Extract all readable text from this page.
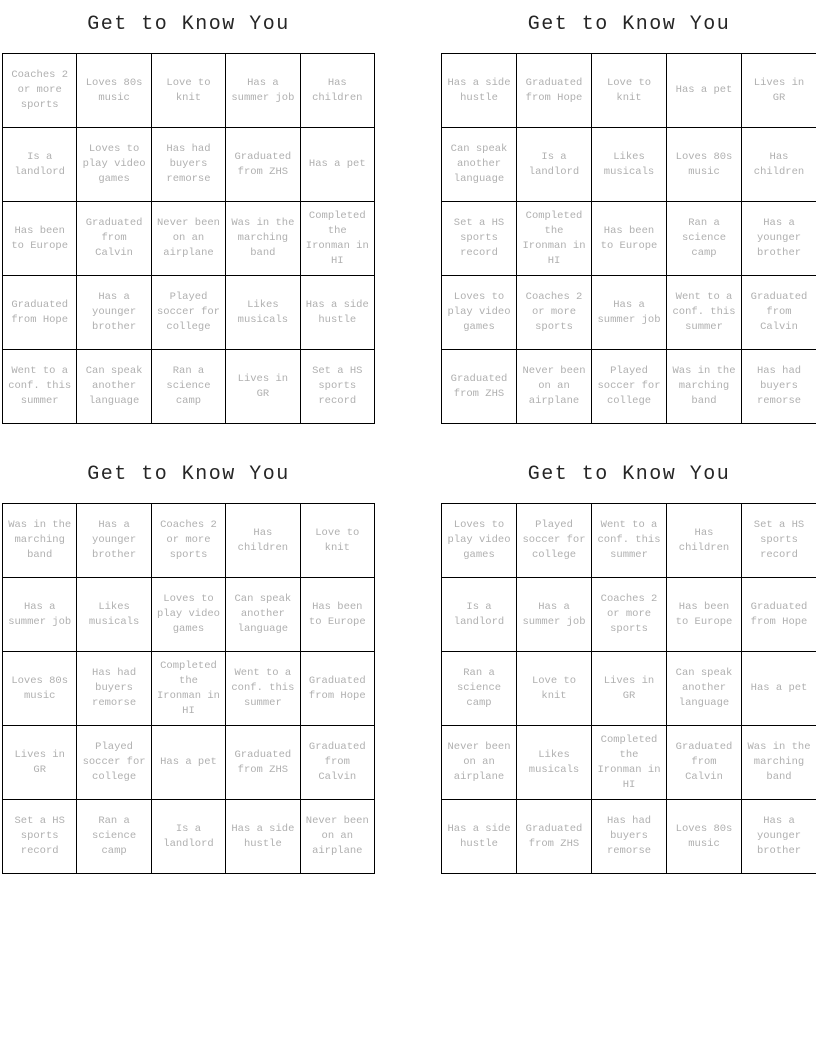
Get to Know You
Coaches 2 or more sports	Loves 80s music	Love to knit	Has a summer job	Has children
Is a landlord	Loves to play video games	Has had buyers remorse	Graduated from ZHS	Has a pet
Has been to Europe	Graduated from Calvin	Never been on an airplane	Was in the marching band	Completed the Ironman in HI
Graduated from Hope	Has a younger brother	Played soccer for college	Likes musicals	Has a side hustle
Went to a conf. this summer	Can speak another language	Ran a science camp	Lives in GR	Set a HS sports record
Get to Know You
Has a side hustle	Graduated from Hope	Love to knit	Has a pet	Lives in GR
Can speak another language	Is a landlord	Likes musicals	Loves 80s music	Has children
Set a HS sports record	Completed the Ironman in HI	Has been to Europe	Ran a science camp	Has a younger brother
Loves to play video games	Coaches 2 or more sports	Has a summer job	Went to a conf. this summer	Graduated from Calvin
Graduated from ZHS	Never been on an airplane	Played soccer for college	Was in the marching band	Has had buyers remorse
Get to Know You
Was in the marching band	Has a younger brother	Coaches 2 or more sports	Has children	Love to knit
Has a summer job	Likes musicals	Loves to play video games	Can speak another language	Has been to Europe
Loves 80s music	Has had buyers remorse	Completed the Ironman in HI	Went to a conf. this summer	Graduated from Hope
Lives in GR	Played soccer for college	Has a pet	Graduated from ZHS	Graduated from Calvin
Set a HS sports record	Ran a science camp	Is a landlord	Has a side hustle	Never been on an airplane
Get to Know You
Loves to play video games	Played soccer for college	Went to a conf. this summer	Has children	Set a HS sports record
Is a landlord	Has a summer job	Coaches 2 or more sports	Has been to Europe	Graduated from Hope
Ran a science camp	Love to knit	Lives in GR	Can speak another language	Has a pet
Never been on an airplane	Likes musicals	Completed the Ironman in HI	Graduated from Calvin	Was in the marching band
Has a side hustle	Graduated from ZHS	Has had buyers remorse	Loves 80s music	Has a younger brother
